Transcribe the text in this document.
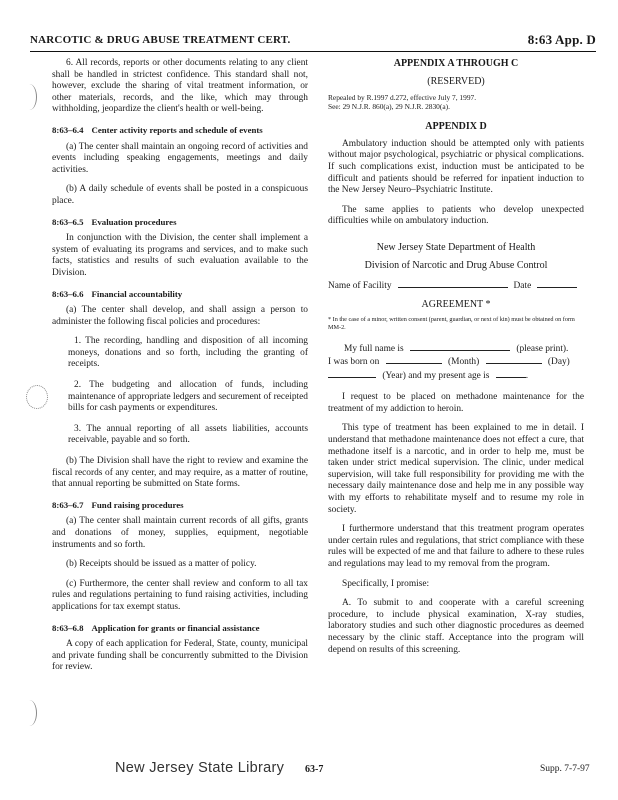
NARCOTIC & DRUG ABUSE TREATMENT CERT.	8:63 App. D

6. All records, reports or other documents relating to any client shall be handled in strictest confidence. This standard shall not, however, exclude the sharing of vital treatment information, or other materials, records, and the like, which may through withholding, jeopardize the client's health or well-being.

8:63–6.4 Center activity reports and schedule of events

(a) The center shall maintain an ongoing record of activities and events including speaking engagements, meetings and daily activities.

(b) A daily schedule of events shall be posted in a conspicuous place.

8:63–6.5 Evaluation procedures

In conjunction with the Division, the center shall implement a system of evaluating its programs and services, and to make such facts, statistics and results of such evaluation available to the Division.

8:63–6.6 Financial accountability

(a) The center shall develop, and shall assign a person to administer the following fiscal policies and procedures:

1. The recording, handling and disposition of all incoming moneys, donations and so forth, including the granting of receipts.

2. The budgeting and allocation of funds, including maintenance of appropriate ledgers and securement of receipted bills for cash payments or expenditures.

3. The annual reporting of all assets liabilities, accounts receivable, payable and so forth.

(b) The Division shall have the right to review and examine the fiscal records of any center, and may require, as a matter of routine, that annual reporting be submitted on State forms.

8:63–6.7 Fund raising procedures

(a) The center shall maintain current records of all gifts, grants and donations of money, supplies, equipment, negotiable instruments and so forth.

(b) Receipts should be issued as a matter of policy.

(c) Furthermore, the center shall review and conform to all tax rules and regulations pertaining to fund raising activities, including applications for tax exempt status.

8:63–6.8 Application for grants or financial assistance

A copy of each application for Federal, State, county, municipal and private funding shall be concurrently submitted to the Division for review.

APPENDIX A THROUGH C
(RESERVED)
Repealed by R.1997 d.272, effective July 7, 1997.
See: 29 N.J.R. 860(a), 29 N.J.R. 2830(a).
APPENDIX D

Ambulatory induction should be attempted only with patients without major psychological, psychiatric or physical complications. If such complications exist, induction must be anticipated to be difficult and patients should be referred for inpatient induction to the New Jersey Neuro–Psychiatric Institute.

The same applies to patients who develop unexpected difficulties while on ambulatory induction.

New Jersey State Department of Health
Division of Narcotic and Drug Abuse Control
Name of Facility	Date
AGREEMENT *
* In the case of a minor, written consent (parent, guardian, or next of kin) must be obtained on form MM-2.
My full name is	(please print).
I was born on	(Month)	(Day)
(Year) and my present age is	.

I request to be placed on methadone maintenance for the treatment of my addiction to heroin.

This type of treatment has been explained to me in detail. I understand that methadone maintenance does not effect a cure, that methadone itself is a narcotic, and in order to help me, must be taken under strict medical supervision. The clinic, under medical supervision, will take full responsibility for providing me with the necessary daily maintenance dose and help me in any possible way with my efforts to rehabilitate myself and to resume my role in society.

I furthermore understand that this treatment program operates under certain rules and regulations, that strict compliance with these rules will be expected of me and that failure to adhere to these rules and regulations may lead to my removal from the program.

Specifically, I promise:

A. To submit to and cooperate with a careful screening procedure, to include physical examination, X-ray studies, laboratory studies and such other diagnostic procedures as deemed necessary by the clinic staff. Acceptance into the program will depend on results of this screening.

New Jersey State Library 63-7	Supp. 7-7-97
